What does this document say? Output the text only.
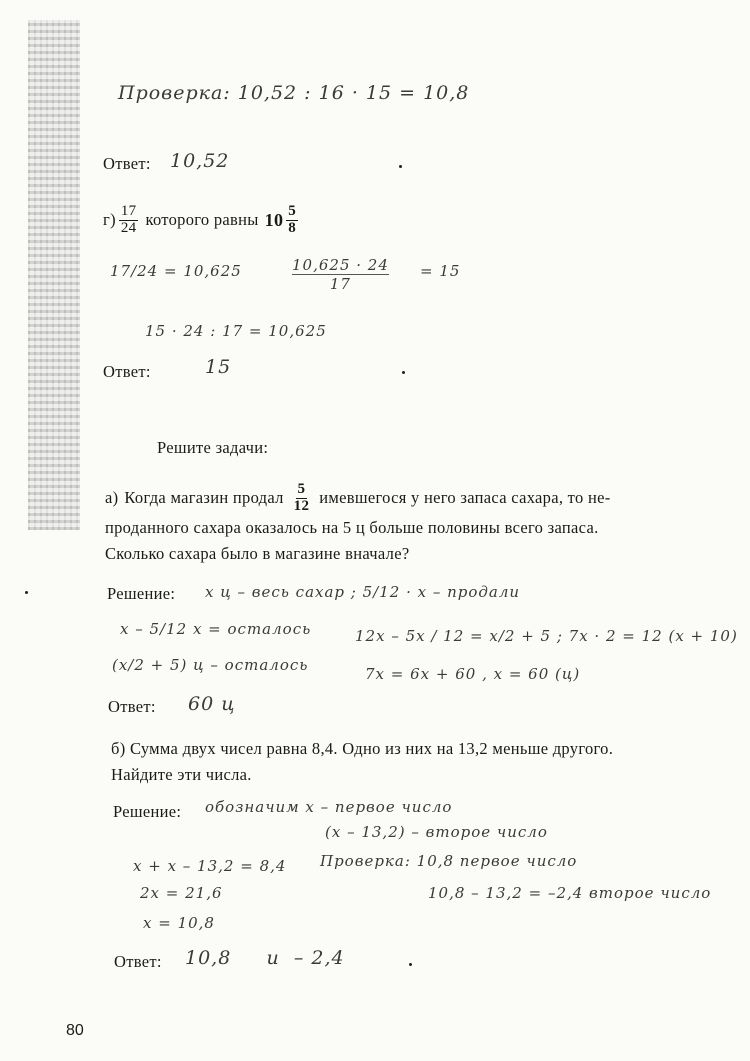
Проверка: 10,52 : 16 · 15 = 10,8
Ответ: 10,52
$г) \frac{17}{24}$ которого равны $10 \frac{5}{8}$
17/24 = 10,625	10,625 · 24
17
= 15
15 · 24 : 17 = 10,625
Ответ:	15
Решите задачи:
а) Когда магазин продал $\frac{5}{12}$ имевшегося у него запаса сахара, то не-
проданного сахара оказалось на 5 ц больше половины всего запаса.
Сколько сахара было в магазине вначале?
Решение: x ц – весь сахар ; 5/12 · x – продали
x – 5/12 x = осталось
(x/2 + 5) ц – осталось
12x – 5x / 12 = x/2 + 5 ; 7x · 2 = 12 (x + 10)
7x = 6x + 60 , x = 60 (ц)
Ответ: 60 ц
б) Сумма двух чисел равна 8,4. Одно из них на 13,2 меньше другого.
Найдите эти числа.
Решение: обозначим x – первое число
(x – 13,2) – второе число
x + x – 13,2 = 8,4 Проверка: 10,8 первое число
2x = 21,6	10,8 – 13,2 = –2,4 второе число
x = 10,8
Ответ: 10,8     и  – 2,4
80
